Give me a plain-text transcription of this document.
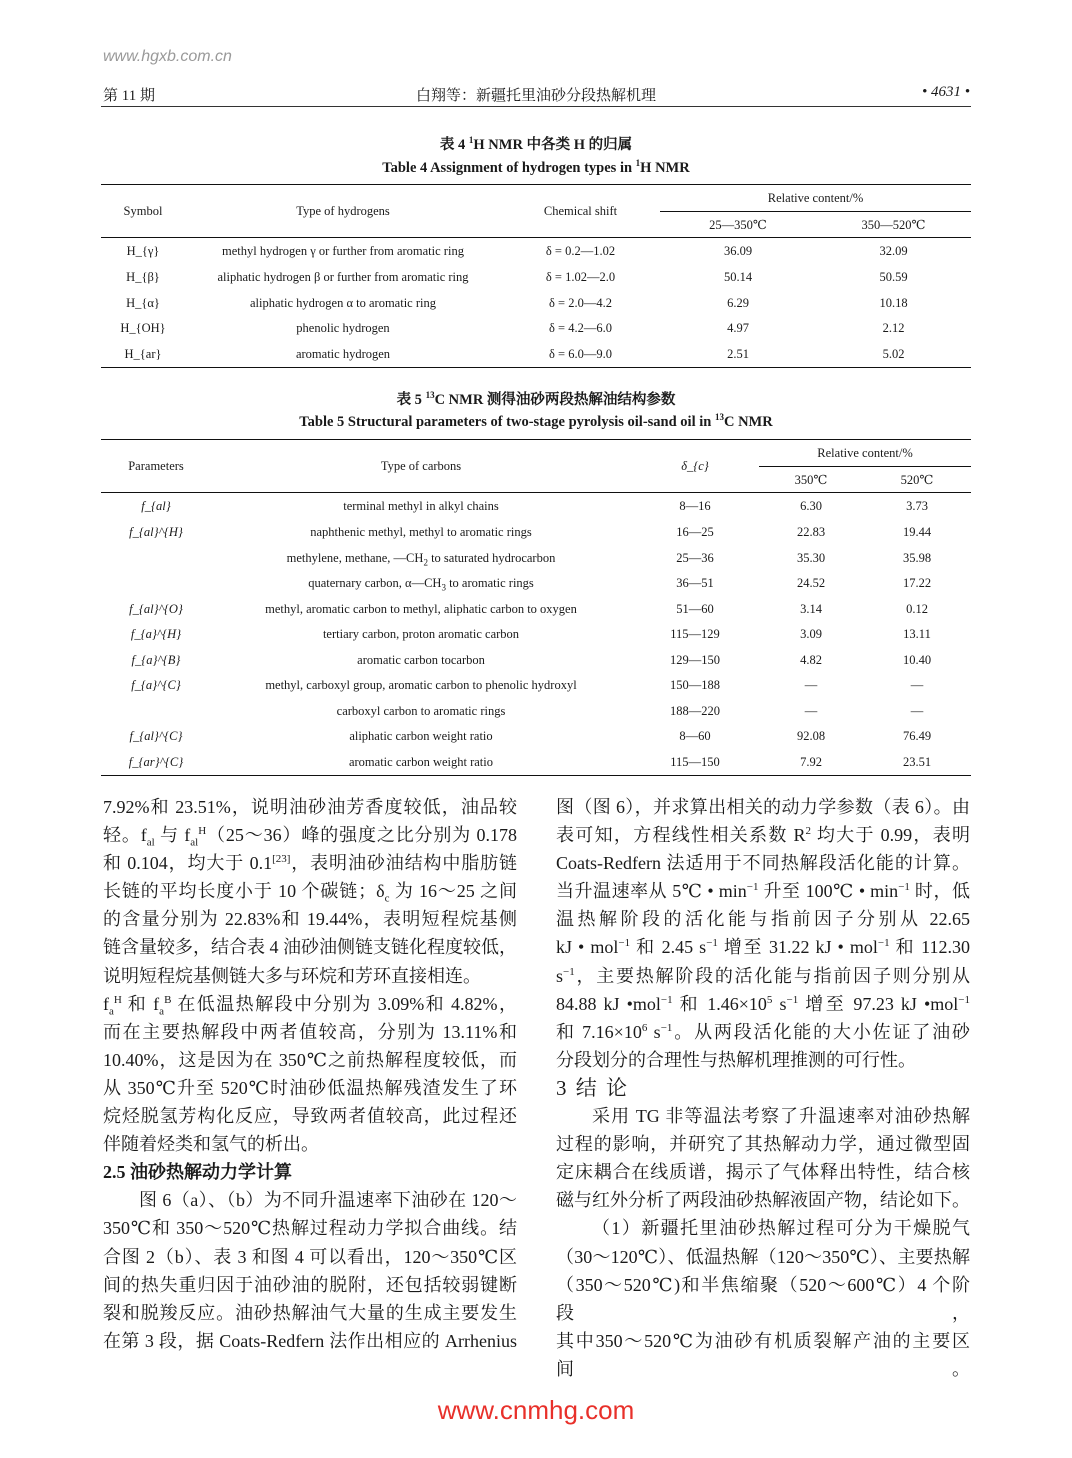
www.hgxb.com.cn
第 11 期	白翔等：新疆托里油砂分段热解机理	• 4631 •
表 4 $^1$H NMR 中各类 H 的归属
Table 4 Assignment of hydrogen types in $^1$H NMR
Symbol	Type of hydrogens	Chemical shift	Relative content/%	
			25—350℃	350—520℃
H_{γ}	methyl hydrogen γ or further from aromatic ring	δ = 0.2—1.02	36.09	32.09
H_{β}	aliphatic hydrogen β or further from aromatic ring	δ = 1.02—2.0	50.14	50.59
H_{α}	aliphatic hydrogen α to aromatic ring	δ = 2.0—4.2	6.29	10.18
H_{OH}	phenolic hydrogen	δ = 4.2—6.0	4.97	2.12
H_{ar}	aromatic hydrogen	δ = 6.0—9.0	2.51	5.02
表 5 $^{13}$C NMR 测得油砂两段热解油结构参数
Table 5 Structural parameters of two-stage pyrolysis oil-sand oil in $^{13}$C NMR
Parameters	Type of carbons	δ_{c}	Relative content/%	
			350℃	520℃
f_{al}	terminal methyl in alkyl chains	8—16	6.30	3.73
f_{al}^{H}	naphthenic methyl, methyl to aromatic rings	16—25	22.83	19.44
	methylene, methane, $—CH_2$ to saturated hydrocarbon	25—36	35.30	35.98
	quaternary carbon, $\alpha—CH_3$ to aromatic rings	36—51	24.52	17.22
f_{al}^{O}	methyl, aromatic carbon to methyl, aliphatic carbon to oxygen	51—60	3.14	0.12
f_{a}^{H}	tertiary carbon, proton aromatic carbon	115—129	3.09	13.11
f_{a}^{B}	aromatic carbon tocarbon	129—150	4.82	10.40
f_{a}^{C}	methyl, carboxyl group, aromatic carbon to phenolic hydroxyl	150—188	—	—
	carboxyl carbon to aromatic rings	188—220	—	—
f_{al}^{C}	aliphatic carbon weight ratio	8—60	92.08	76.49
f_{ar}^{C}	aromatic carbon weight ratio	115—150	7.92	23.51
7.92%和 23.51%，说明油砂油芳香度较低，油品较
轻。$f_{al}$ 与 $f_{al}^H(25\sim 36)$峰的强度之比分别为 0.178
和 0.104，均大于 0.1[23]，表明油砂油结构中脂肪链
长链的平均长度小于 10 个碳链；$\delta_c$ 为 16～25 之间
的含量分别为 22.83%和 19.44%，表明短程烷基侧
链含量较多，结合表 4 油砂油侧链支链化程度较低，
说明短程烷基侧链大多与环烷和芳环直接相连。
$f_a^H$ 和 $f_a^B$ 在低温热解段中分别为 3.09%和 4.82%，
而在主要热解段中两者值较高，分别为 13.11%和
10.40%，这是因为在 350℃之前热解程度较低，而
从 350℃升至 520℃时油砂低温热解残渣发生了环
烷烃脱氢芳构化反应，导致两者值较高，此过程还
伴随着烃类和氢气的析出。
2.5 油砂热解动力学计算
图 6（a）、（b）为不同升温速率下油砂在 120～
350℃和 350～520℃热解过程动力学拟合曲线。结
合图 2（b）、表 3 和图 4 可以看出，120～350℃区
间的热失重归因于油砂油的脱附，还包括较弱键断
裂和脱羧反应。油砂热解油气大量的生成主要发生
在第 3 段，据 Coats-Redfern 法作出相应的 Arrhenius
图（图 6），并求算出相关的动力学参数（表 6）。由
表可知，方程线性相关系数 $R^2$ 均大于 0.99，表明
Coats-Redfern 法适用于不同热解段活化能的计算。
当升温速率从 5℃ • $\min^{-1}$ 升至 100℃ • $\min^{-1}$ 时，低
温热解阶段的活化能与指前因子分别从 22.65
kJ • mol$^{-1}$ 和 2.45 $s^{-1}$ 增至 31.22 kJ • mol$^{-1}$ 和 112.30
$s^{-1}$，主要热解阶段的活化能与指前因子则分别从
84.88 kJ •mol$^{-1}$ 和 $1.46\times 10^5$ $s^{-1}$ 增至 97.23 kJ •mol$^{-1}$
和 $7.16\times 10^6$ $s^{-1}$。从两段活化能的大小佐证了油砂
分段划分的合理性与热解机理推测的可行性。
3 结 论
采用 TG 非等温法考察了升温速率对油砂热解
过程的影响，并研究了其热解动力学，通过微型固
定床耦合在线质谱，揭示了气体释出特性，结合核
磁与红外分析了两段油砂热解液固产物，结论如下。
（1）新疆托里油砂热解过程可分为干燥脱气
（30～120℃）、低温热解（120～350℃）、主要热解
（350～520℃)和半焦缩聚（520～600℃）4 个阶段，
其中350～520℃为油砂有机质裂解产油的主要区间。
www.cnmhg.com
